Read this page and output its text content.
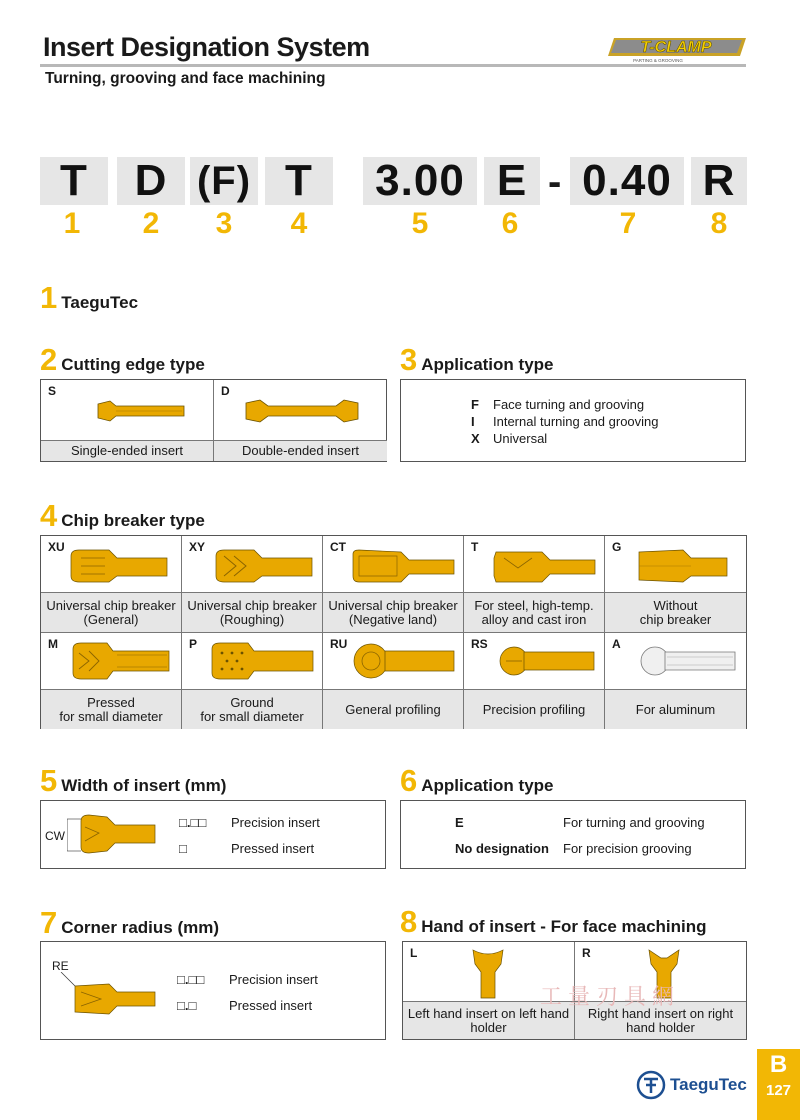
Insert Designation System
Turning, grooving and face machining
T-CLAMP
PARTING & GROOVING
T	D (F) T	3.00 E - 0.40 R
1	2	3	4	5	6	7	8
1 TaeguTec
2 Cutting edge type
S
Single-ended insert
D
Double-ended insert
3 Application type
F	Face turning and grooving
I	Internal turning and grooving
X	Universal
4 Chip breaker type
XU
Universal chip breaker
(General)
XY
Universal chip breaker
(Roughing)
CT
Universal chip breaker
(Negative land)
T
For steel, high-temp.
alloy and cast iron
G
Without
chip breaker
M
Pressed
for small diameter
P
Ground
for small diameter
RU
General profiling
RS
Precision profiling
A
For aluminum
5 Width of insert (mm)
CW
□.□□	Precision insert
□	Pressed insert
6 Application type
E	For turning and grooving
No designation	For precision grooving
7 Corner radius (mm)
RE
□.□□	Precision insert
□.□	Pressed insert
8 Hand of insert - For face machining
L
Left hand insert on left hand holder
R
Right hand insert on right hand holder
工量刃具網
TaeguTec
B
127
